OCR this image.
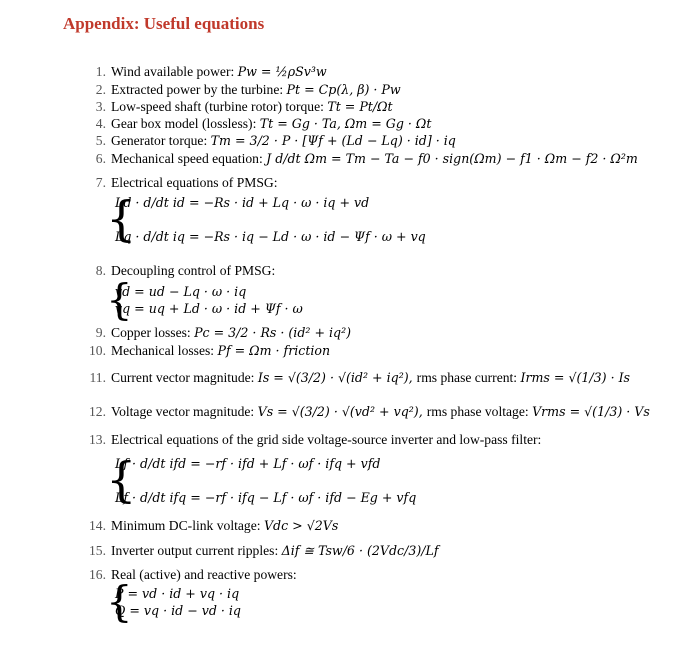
Appendix: Useful equations
1.Wind available power: Pw = ½ρSv³w
2.Extracted power by the turbine: Pt = Cp(λ, β) · Pw
3.Low-speed shaft (turbine rotor) torque: Tt = Pt/Ωt
4.Gear box model (lossless): Tt = Gg · Ta, Ωm = Gg · Ωt
5.Generator torque: Tm = 3/2 · P · [Ψf + (Ld − Lq) · id] · iq
6.Mechanical speed equation: J d/dt Ωm = Tm − Ta − f0 · sign(Ωm) − f1 · Ωm − f2 · Ω²m
7.Electrical equations of PMSG:
8.Decoupling control of PMSG:
9.Copper losses: Pc = 3/2 · Rs · (id² + iq²)
10.Mechanical losses: Pf = Ωm · friction
11.Current vector magnitude: Is = √(3/2) · √(id² + iq²), rms phase current: Irms = √(1/3) · Is
12.Voltage vector magnitude: Vs = √(3/2) · √(vd² + vq²), rms phase voltage: Vrms = √(1/3) · Vs
13.Electrical equations of the grid side voltage-source inverter and low-pass filter:
14.Minimum DC-link voltage: Vdc > √2Vs
15.Inverter output current ripples: Δif ≅ Tsw/6 · (2Vdc/3)/Lf
16.Real (active) and reactive powers:
{
Ld · d/dt id = −Rs · id + Lq · ω · iq + vd
Lq · d/dt iq = −Rs · iq − Ld · ω · id − Ψf · ω + vq
{
vd = ud − Lq · ω · iq
vq = uq + Ld · ω · id + Ψf · ω
{
Lf · d/dt ifd = −rf · ifd + Lf · ωf · ifq + vfd
Lf · d/dt ifq = −rf · ifq − Lf · ωf · ifd − Eg + vfq
{
P = vd · id + vq · iq
Q = vq · id − vd · iq
